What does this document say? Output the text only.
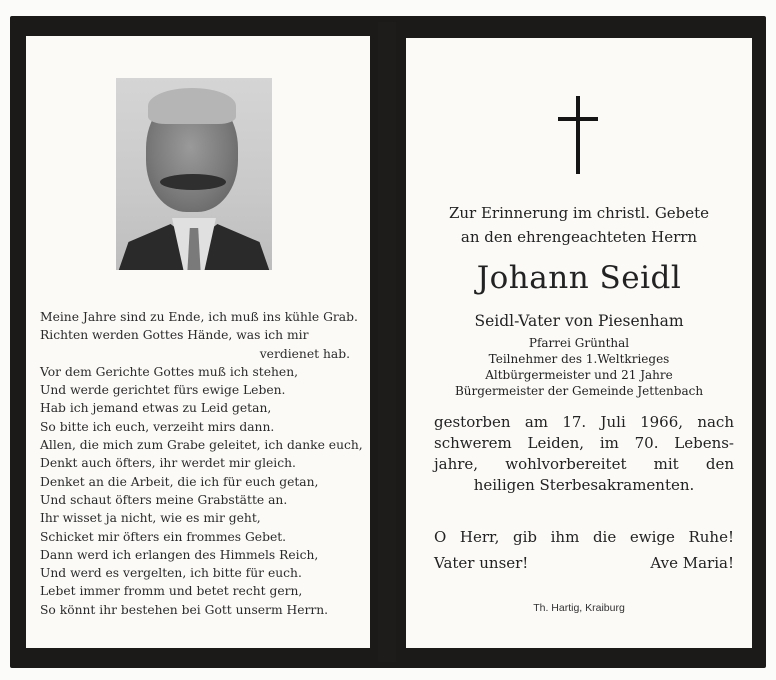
Meine Jahre sind zu Ende, ich muß ins kühle Grab.
Richten werden Gottes Hände, was ich mir
verdienet hab.
Vor dem Gerichte Gottes muß ich stehen,
Und werde gerichtet fürs ewige Leben.
Hab ich jemand etwas zu Leid getan,
So bitte ich euch, verzeiht mirs dann.
Allen, die mich zum Grabe geleitet, ich danke euch,
Denkt auch öfters, ihr werdet mir gleich.
Denket an die Arbeit, die ich für euch getan,
Und schaut öfters meine Grabstätte an.
Ihr wisset ja nicht, wie es mir geht,
Schicket mir öfters ein frommes Gebet.
Dann werd ich erlangen des Himmels Reich,
Und werd es vergelten, ich bitte für euch.
Lebet immer fromm und betet recht gern,
So könnt ihr bestehen bei Gott unserm Herrn.
Zur Erinnerung im christl. Gebete
an den ehrengeachteten Herrn
Johann Seidl
Seidl-Vater von Piesenham
Pfarrei Grünthal
Teilnehmer des 1.Weltkrieges
Altbürgermeister und 21 Jahre
Bürgermeister der Gemeinde Jettenbach
gestorben am 17. Juli 1966, nach
schwerem Leiden, im 70. Lebens-
jahre, wohlvorbereitet mit den
heiligen Sterbesakramenten.
O Herr, gib ihm die ewige Ruhe!
Vater unser!	Ave Maria!
Th. Hartig, Kraiburg
